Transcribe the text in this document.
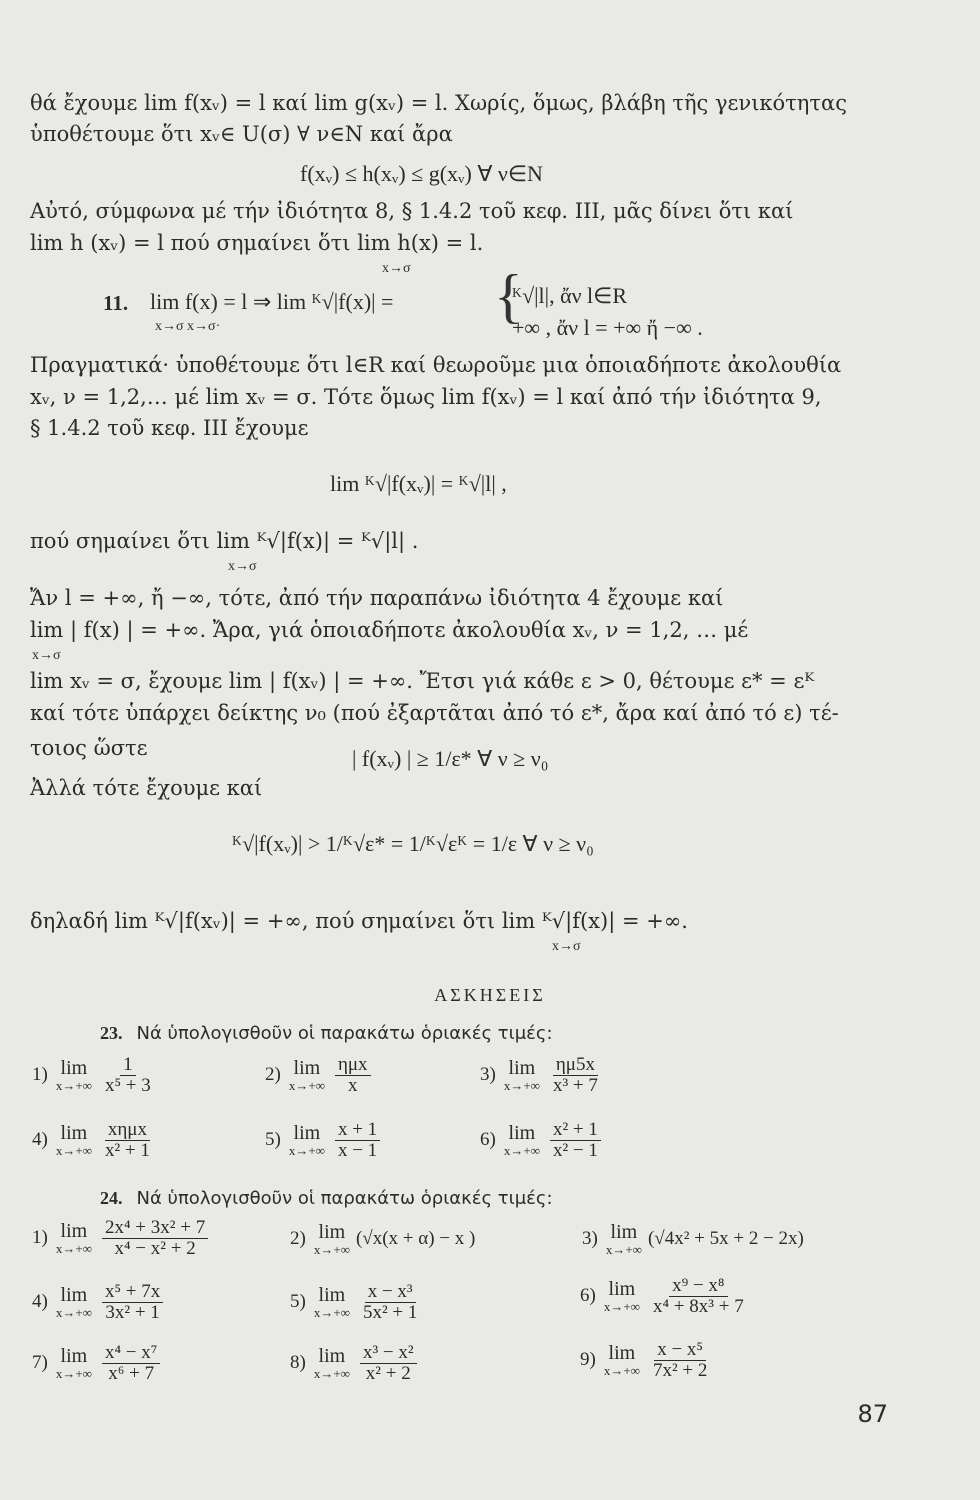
θά ἔχουμε lim f(xᵥ) = l καί lim g(xᵥ) = l. Χωρίς, ὅμως, βλάβη τῆς γενικότητας
ὑποθέτουμε ὅτι xᵥ∈ U(σ) ∀ ν∈N καί ἄρα
f(xᵥ) ≤ h(xᵥ) ≤ g(xᵥ) ∀ ν∈N
Αὐτό, σύμφωνα μέ τήν ἰδιότητα 8, § 1.4.2 τοῦ κεφ. III, μᾶς δίνει ὅτι καί
lim h (xᵥ) = l πού σημαίνει ὅτι lim h(x) = l.
x→σ
11. lim f(x) = l ⇒ lim ᴷ√|f(x)| =
x→σ x→σ·	{
ᴷ√|l|, ἄν l∈R
+∞ , ἄν l = +∞ ἤ −∞ .
Πραγματικά· ὑποθέτουμε ὅτι l∈R καί θεωροῦμε μια ὁποιαδήποτε ἀκολουθία
xᵥ, ν = 1,2,… μέ lim xᵥ = σ. Τότε ὅμως lim f(xᵥ) = l καί ἀπό τήν ἰδιότητα 9,
§ 1.4.2 τοῦ κεφ. III ἔχουμε
lim ᴷ√|f(xᵥ)| = ᴷ√|l| ,
πού σημαίνει ὅτι lim ᴷ√|f(x)| = ᴷ√|l| .
x→σ
Ἄν l = +∞, ἤ −∞, τότε, ἀπό τήν παραπάνω ἰδιότητα 4 ἔχουμε καί
lim | f(x) | = +∞. Ἄρα, γιά ὁποιαδήποτε ἀκολουθία xᵥ, ν = 1,2, … μέ
x→σ
lim xᵥ = σ, ἔχουμε lim | f(xᵥ) | = +∞. Ἔτσι γιά κάθε ε > 0, θέτουμε ε* = εᴷ
καί τότε ὑπάρχει δείκτης ν₀ (πού ἐξαρτᾶται ἀπό τό ε*, ἄρα καί ἀπό τό ε) τέ-
τοιος ὥστε	| f(xᵥ) | ≥ 1/ε* ∀ ν ≥ ν₀
Ἀλλά τότε ἔχουμε καί
ᴷ√|f(xᵥ)| > 1/ᴷ√ε* = 1/ᴷ√εᴷ = 1/ε ∀ ν ≥ ν₀
δηλαδή lim ᴷ√|f(xᵥ)| = +∞, πού σημαίνει ὅτι lim ᴷ√|f(x)| = +∞.
x→σ
ΑΣΚΗΣΕΙΣ
23. Νά ὑπολογισθοῦν οἱ παρακάτω ὁριακές τιμές:
1) lim
$x\to+\infty \frac{1}{\text{x⁵ + 3}}$	2) lim
$x\to+\infty \frac{\text{ημx}}{x}$	3) lim
$x\to+\infty \frac{\eta\mu 5x}{\text{x³ + 7}}$
4) lim
$x\to+\infty \frac{\text{xημx}}{\text{x² + 1}}$	5) lim
$x\to+\infty \frac{x + 1}{x - 1}$	6) lim
$x\to+\infty \frac{\text{x² + 1}}{\text{x² − 1}}$
24. Νά ὑπολογισθοῦν οἱ παρακάτω ὁριακές τιμές:
1) lim
$x\to+\infty \frac{\text{2x⁴ + 3x² + 7}}{\text{x⁴ − x² + 2}}$	2) lim
x→+∞
(√x(x + α) − x )	3) lim
x→+∞
(√4x² + 5x + 2 − 2x)
4) lim
$x\to+\infty \frac{\text{x⁵ + 7x}}{\text{3x² + 1}}$	5) lim
$x\to+\infty \frac{\text{x − x³}}{\text{5x² + 1}}$	6) lim
$x\to+\infty \frac{\text{x⁹ − x⁸}}{\text{x⁴ + 8x³ + 7}}$
7) lim
$x\to+\infty \frac{\text{x⁴ − x⁷}}{\text{x⁶ + 7}}$	8) lim
$x\to+\infty \frac{\text{x³ − x²}}{\text{x² + 2}}$	9) lim
$x\to+\infty \frac{\text{x − x⁵}}{\text{7x² + 2}}$
87
